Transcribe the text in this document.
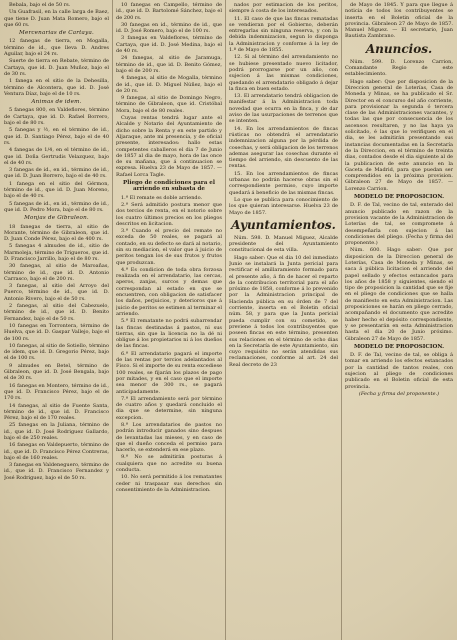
Bebala, bajo el de 50 rs.

Un Guafrasil, en la calle larga de Baez, que tiene D. Juan Mata Romero, bajo el que 60 rs.

Mercenarias de Cartaya.

12 fanegas de tierra, en Mogalla, término de id., que lleva D. Andres Aguilar, bajo el 24 rs.

Suerte de tierra en Rebate, término de Cartaya, que id. D. Juan Muñoz, bajo el de 30 rs.

1 fanega en el sitio de la Dehesilla, término de Alcontera, que id. D. José Ventura Díaz, bajo el de 10 rs.

Animas de idem.

5 fanegas 800, en Valdeflores, término de Cartaya, que id. D. Rafael Borrero, bajo el de 80 rs.

5 fanegas y ½, en el término de id., que id. D. Santiago Pérez, bajo el de 40 rs.

4 fanegas de 1/4, en el término de id., que id. Doña Gertrudis Velazquez, bajo el de 40 rs.

3 fanegas de id., en id., término de id., que id. D. Juan Borrero, bajo el de 40 rs.

1 fanega en el sitio del Gérmon, término de id., que id. D. Juan Moreno, bajo el de 40 rs.

5 fanegas de id., en id., término de id., que id. D. Pedro Mora, bajo el de 80 rs.

Monjas de Gibraleon.

18 fanegas de tierra, al sitio de Morante, término de Gibraleon, que id. D. Juan Conde Pérez, bajo el de 400 rs.

5 fanegas 4 almudes de id., sitio de Marmoleja, término de Trigueros, que id. D. Francisco Jarrillo, bajo el de 80 rs.

30 fanegas, al sitio de Maroañas, término de id., que id. D. Antonio Carrasco, bajo el de 200 rs.

3 fanegas, al sitio del Arroyo del Puerco, término de id., que id. D. Antonio Rivero, bajo el de 50 rs.

2 fanegas, al sitio del Cabezuelo, término de id., que id. D. Benito Fernandez, bajo el de 50 rs.

10 fanegas en Torrontera, término de Huelva, que id. D. Gaspar Vallejo, bajo el de 100 rs.

10 fanegas, al sitio de Sotiello, término de idem, que id. D. Gregorio Pérez, bajo el de 100 rs.

9 almudes en Betel, término de Gibraleon, que id. D. José Bengala, bajo el de 30 rs.

16 fanegas en Montero, término de id., que id. D. Francisco Pérez, bajo el de 170 rs.

14 fanegas, al sitio de Fuente Santa, término de id., que id. D. Francisco Pérez, bajo el de 170 reales.

25 fanegas en la Juliana, término de id., que id. D. José Rodriguez Gallardo, bajo el de 250 reales.

16 fanegas en Valdepuerto, término de id., que id. D. Francisco Pérez Contreras, bajo el de 160 reales.

3 fanegas en Valdeneguero, término de id., que id. D. Francisco Fernandez y José Rodriguez, bajo el de 50 rs.

10 fanegas en Campello, término de id., que id. D. Bartolomé Sánchez, bajo el de 200 rs.

30 fanegas en id., término de id., que id. D. José Romero, bajo el de 100 rs.

3 fanegas en Valdeflores, término de Cartaya, que id. D. José Medina, bajo el de 40 rs.

24 fanegas, al sitio de Jaramuga, término de id., que id. D. Benito Gómez, bajo el de 200 rs.

4 fanegas, al sitio de Mogalla, término de id., que id. D. Miguel Núñez, bajo el de 20 rs.

9 fanegas, al sitio de Domingo Negro, término de Gibraleon, que id. Cristóbal Mora, bajo el de 80 reales.

Cuyas rentas tendrá lugar ante el Alcalde y Notario del Ayuntamiento de dicho sobre la Renta y en este partido y Aljaraque, ante mi presencia, y de oficial presente, interesados: hallo estas competentes caballeros el dia 7 de Junio de 1857 al dia de mayo, hora de las once de su mañana, que á continuacion se expresa. Huelva 23 de Mayo de 1857. — Rafael Lorca Tagle.

Pliego de condiciones para el arriendo en subasta de

1.ª El remate es doble arriendo.

2.ª Será admitido postura menor que dos tercios de renta, en el notorio sobre los cuatro últimos precios en los pliegos descritos en licitacion.

3.ª Cuando el precio del remate no exceda de 50 reales, se pagará al contado, en su defecto se dará al notario, sin su mediacion, el valor que á juicio de peritos tengan los de sus frutos y frutos que produzcan.

4.ª Es condicion de toda obra forzosa realizada en el arrendatario, las cercas, aperos, zanjas, surcos y demas que correspondan al estado en que se encuentren, con obligacion de satisfacer los daños, perjuicios, y deterioros que á juicio de peritos se estimen al terminar el arriendo.

5.ª El rematante no podrá subarrendar las fincas destinadas á pastos, ni sus tierras, sin que la licencia no la dé ni obligue á los propietarios ni á los dueños de las fincas.

6.ª El arrendatario pagará el importe de las rentas por tercios adelantados al Fisco. Si el importe de su renta excediese 100 reales, se fijarán los plazos de pago por mitades, y en el caso que el importe sea menor de 300 rs., se pagará anticipadamente.

7.ª El arrendamiento será por término de cuatro años y quedará concluido el dia que se determine, sin ninguna excepcion.

8.ª Los arrendatarios de pastos no podrán introducir ganados sino despues de levantadas las mieses, y en caso de que el dueño conceda el permiso para hacerlo, se extenderá en ese plazo.

9.ª No se admitirán posturas á cualquiera que no acredite su buena conducta.

10. No será permitido á los rematantes ceder ni traspasar sus derechos sin consentimiento de la Administracion.

nados por estimacion de los peritos, siempre á costa de los interesados.

11. El caso de que las fincas rematadas se vendieran por el Gobierno, deberán entregarlas sin ninguna reserva, y con la debida indemnizacion, segun lo disponga la Administracion y conforme á la ley de 1.º de Mayo de 1855.

12. Si al término del arrendamiento no se hubiese presentado nuevo licitador, podrá prorrogarse por un año, con sujecion á las mismas condiciones, quedando el arrendatario obligado á dejar la finca en buen estado.

13. El arrendatario tendrá obligacion de manifestar á la Administracion toda novedad que ocurra en la finca, y de dar aviso de las usurpaciones de terrenos que se intenten.

14. En los arrendamientos de fincas rústicas no obtendrá el arrendatario indemnizacion alguna por la pérdida de cosechas, y será obligacion de los terrenos ademas asegurar las cosechas durante el tiempo del arriendo, sin descuento de las rentas.

15. En los arrendamientos de fincas urbanas no podrán hacerse obras sin el correspondiente permiso, cuyo importe quedará á beneficio de las mismas fincas.

Lo que se publica para conocimiento de los que quieran interesarse. Huelva 23 de Mayo de 1857.

Ayuntamientos.

Núm. 598. D. Manuel Miguez, Alcalde presidente del Ayuntamiento constitucional de esta villa.

Hago saber: Que el dia 10 del inmediato Junio se instalará la Junta pericial para rectificar el amillaramiento formado para el presente año, á fin de hacer el reparto de la contribucion territorial para el año próximo de 1858, conforme á lo prevenido por la Administracion principal de Hacienda pública en su órden de 7 del corriente, inserta en el Boletin oficial núm. 58, y para que la Junta pericial pueda cumplir con su cometido, se previene á todos los contribuyentes que poseen fincas en este término, presenten sus relaciones en el término de ocho dias en la Secretaría de este Ayuntamiento, sin cuyo requisito no serán atendidas sus reclamaciones, conforme al art. 24 del Real decreto de 23

de Mayo de 1845. Y para que llegue á noticia de todos los contribuyentes se inserta en el Boletin oficial de la provincia. Gibraleon 27 de Mayo de 1857. Manuel Miguez. — El secretario, Juan Bautista Zambrano.

Anuncios.

Núm. 599. D. Lorenzo Carrion, Comandante Regio de este establecimiento.

Hago saber: Que por disposicion de la Direccion general de Loterías, Casa de Moneda y Minas, se ha publicado el Sr. Director en el concurso del año corriente, para provisionar la segunda ó tercera clase de las Administraciones vacantes, y todas las que por consecuencia de los ascensos resultaren, y no las haya ya solicitado, é las que lo verifiquen en el dia, se les admitirán presentando sus instancias documentadas en la Secretaría de la Direccion, en el término de treinta dias, contados desde el dia siguiente al de la publicacion de este anuncio en la Gaceta de Madrid, para que puedan ser comprendidos en la próxima provision. Gibraleon 27 de Mayo de 1857. — Lorenzo Carrion.

MODELO DE PROPOSICION.

D. F. de Tal, vecino de tal, enterado del anuncio publicado en razon de la provision vacante de la Administracion de Loterías de tal, se compromete á desempeñarla con sujecion á las condiciones del pliego. (Fecha y firma del proponente.)

Núm. 600. Hago saber: Que por disposicion de la Direccion general de Loterías, Casa de Moneda y Minas, se saca á pública licitacion el arriendo del papel sellado y efectos estancados para los años de 1858 y siguientes, siendo el tipo de proposicion la cantidad que se fije en el pliego de condiciones que se halla de manifiesto en esta Administracion. Las proposiciones se harán en pliego cerrado, acompañando el documento que acredite haber hecho el depósito correspondiente, y se presentarán en esta Administracion hasta el dia 20 de Junio próximo. Gibraleon 27 de Mayo de 1857.

MODELO DE PROPOSICION.

D. F. de Tal, vecino de tal, se obliga á tomar en arriendo los efectos estancados por la cantidad de tantos reales, con sujecion al pliego de condiciones publicado en el Boletin oficial de esta provincia.

(Fecha y firma del proponente.)
